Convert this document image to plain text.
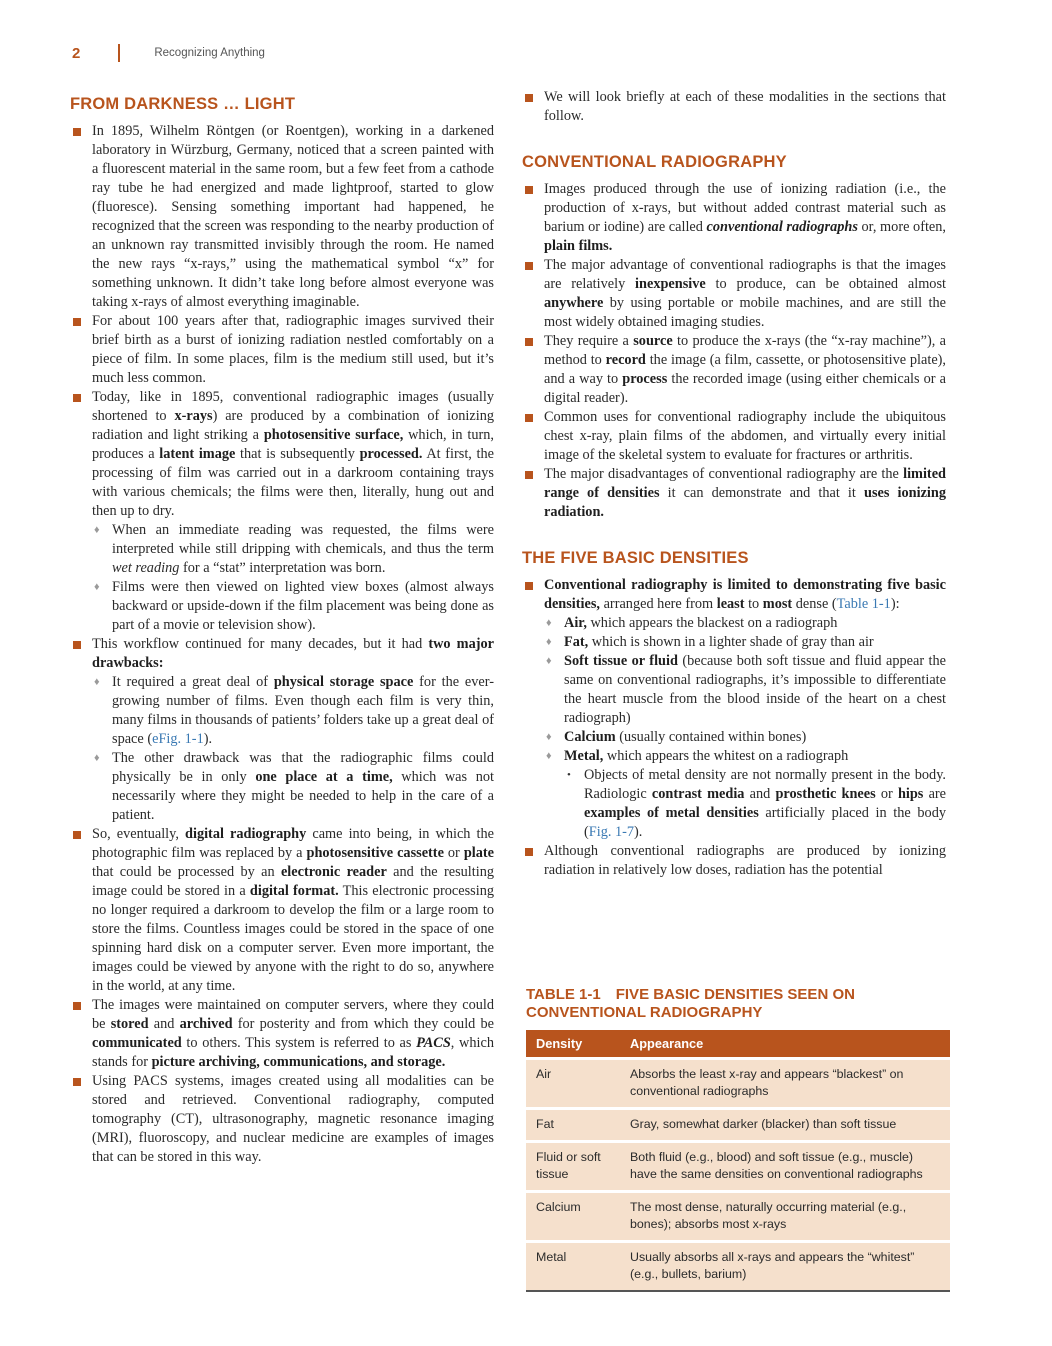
2	Recognizing Anything
FROM DARKNESS … LIGHT
In 1895, Wilhelm Röntgen (or Roentgen), working in a darkened laboratory in Würzburg, Germany, noticed that a screen painted with a fluorescent material in the same room, but a few feet from a cathode ray tube he had energized and made lightproof, started to glow (fluoresce). Sensing something important had happened, he recognized that the screen was responding to the nearby production of an unknown ray transmitted invisibly through the room. He named the new rays “x-rays,” using the mathematical symbol “x” for something unknown. It didn’t take long before almost everyone was taking x-rays of almost everything imaginable.
For about 100 years after that, radiographic images survived their brief birth as a burst of ionizing radiation nestled comfortably on a piece of film. In some places, film is the medium still used, but it’s much less common.
Today, like in 1895, conventional radiographic images (usually shortened to x-rays) are produced by a combination of ionizing radiation and light striking a photosensitive surface, which, in turn, produces a latent image that is subsequently processed. At first, the processing of film was carried out in a darkroom containing trays with various chemicals; the films were then, literally, hung out and then up to dry.
♦ When an immediate reading was requested, the films were interpreted while still dripping with chemicals, and thus the term wet reading for a “stat” interpretation was born.
♦ Films were then viewed on lighted view boxes (almost always backward or upside-down if the film placement was being done as part of a movie or television show).
This workflow continued for many decades, but it had two major drawbacks:
♦ It required a great deal of physical storage space for the ever-growing number of films. Even though each film is very thin, many films in thousands of patients’ folders take up a great deal of space (eFig. 1-1).
♦ The other drawback was that the radiographic films could physically be in only one place at a time, which was not necessarily where they might be needed to help in the care of a patient.
So, eventually, digital radiography came into being, in which the photographic film was replaced by a photosensitive cassette or plate that could be processed by an electronic reader and the resulting image could be stored in a digital format. This electronic processing no longer required a darkroom to develop the film or a large room to store the films. Countless images could be stored in the space of one spinning hard disk on a computer server. Even more important, the images could be viewed by anyone with the right to do so, anywhere in the world, at any time.
The images were maintained on computer servers, where they could be stored and archived for posterity and from which they could be communicated to others. This system is referred to as PACS, which stands for picture archiving, communications, and storage.
Using PACS systems, images created using all modalities can be stored and retrieved. Conventional radiography, computed tomography (CT), ultrasonography, magnetic resonance imaging (MRI), fluoroscopy, and nuclear medicine are examples of images that can be stored in this way.
We will look briefly at each of these modalities in the sections that follow.
CONVENTIONAL RADIOGRAPHY
Images produced through the use of ionizing radiation (i.e., the production of x-rays, but without added contrast material such as barium or iodine) are called conventional radiographs or, more often, plain films.
The major advantage of conventional radiographs is that the images are relatively inexpensive to produce, can be obtained almost anywhere by using portable or mobile machines, and are still the most widely obtained imaging studies.
They require a source to produce the x-rays (the “x-ray machine”), a method to record the image (a film, cassette, or photosensitive plate), and a way to process the recorded image (using either chemicals or a digital reader).
Common uses for conventional radiography include the ubiquitous chest x-ray, plain films of the abdomen, and virtually every initial image of the skeletal system to evaluate for fractures or arthritis.
The major disadvantages of conventional radiography are the limited range of densities it can demonstrate and that it uses ionizing radiation.
THE FIVE BASIC DENSITIES
Conventional radiography is limited to demonstrating five basic densities, arranged here from least to most dense (Table 1-1):
♦ Air, which appears the blackest on a radiograph
♦ Fat, which is shown in a lighter shade of gray than air
♦ Soft tissue or fluid (because both soft tissue and fluid appear the same on conventional radiographs, it’s impossible to differentiate the heart muscle from the blood inside of the heart on a chest radiograph)
♦ Calcium (usually contained within bones)
♦ Metal, which appears the whitest on a radiograph
• Objects of metal density are not normally present in the body. Radiologic contrast media and prosthetic knees or hips are examples of metal densities artificially placed in the body (Fig. 1-7).
Although conventional radiographs are produced by ionizing radiation in relatively low doses, radiation has the potential
TABLE 1-1 FIVE BASIC DENSITIES SEEN ON CONVENTIONAL RADIOGRAPHY
Density	Appearance
Air	Absorbs the least x-ray and appears “blackest” on conventional radiographs
Fat	Gray, somewhat darker (blacker) than soft tissue
Fluid or soft tissue	Both fluid (e.g., blood) and soft tissue (e.g., muscle) have the same densities on conventional radiographs
Calcium	The most dense, naturally occurring material (e.g., bones); absorbs most x-rays
Metal	Usually absorbs all x-rays and appears the “whitest” (e.g., bullets, barium)
